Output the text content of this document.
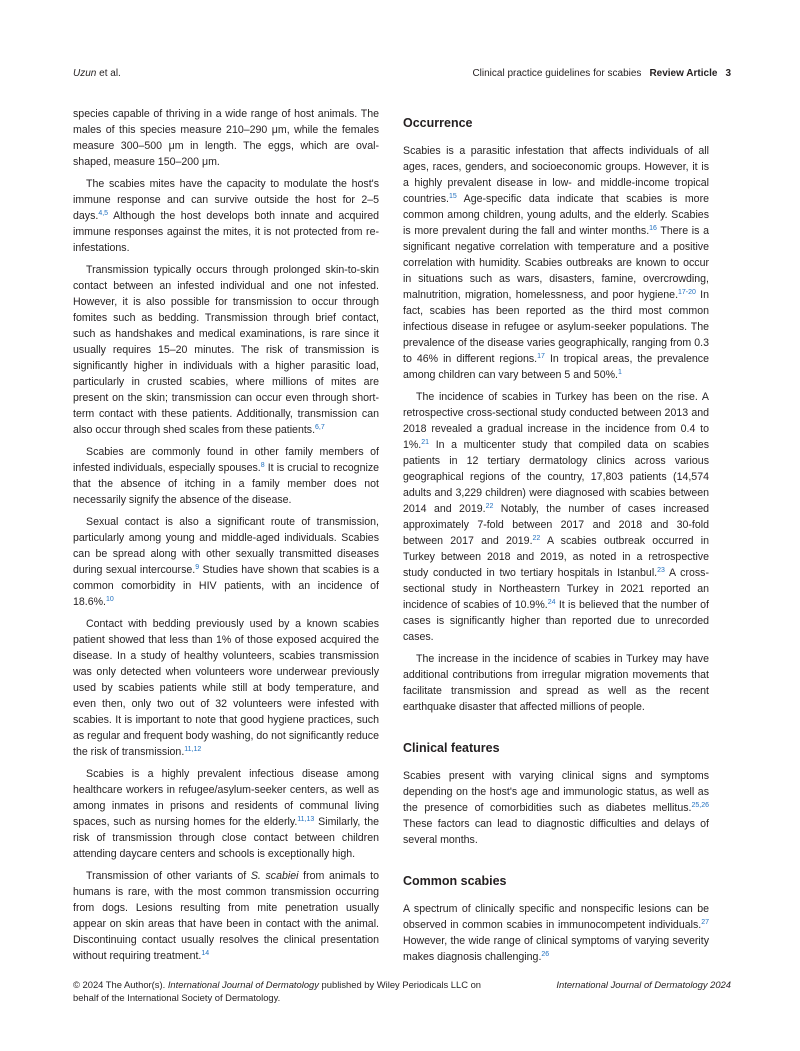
Uzun et al.	Clinical practice guidelines for scabies Review Article 3

species capable of thriving in a wide range of host animals. The males of this species measure 210–290 μm, while the females measure 300–500 μm in length. The eggs, which are oval-shaped, measure 150–200 μm.

The scabies mites have the capacity to modulate the host's immune response and can survive outside the host for 2–5 days.$^{4,5}$ Although the host develops both innate and acquired immune responses against the mites, it is not protected from re-infestations.

Transmission typically occurs through prolonged skin-to-skin contact between an infested individual and one not infested. However, it is also possible for transmission to occur through fomites such as bedding. Transmission through brief contact, such as handshakes and medical examinations, is rare since it usually requires 15–20 minutes. The risk of transmission is significantly higher in individuals with a higher parasitic load, particularly in crusted scabies, where millions of mites are present on the skin; transmission can occur even through short-term contact with these patients. Additionally, transmission can also occur through shed scales from these patients.$^{6,7}$

Scabies are commonly found in other family members of infested individuals, especially spouses.$^8$ It is crucial to recognize that the absence of itching in a family member does not necessarily signify the absence of the disease.

Sexual contact is also a significant route of transmission, particularly among young and middle-aged individuals. Scabies can be spread along with other sexually transmitted diseases during sexual intercourse.$^9$ Studies have shown that scabies is a common comorbidity in HIV patients, with an incidence of 18.6%.$^{10}$

Contact with bedding previously used by a known scabies patient showed that less than 1% of those exposed acquired the disease. In a study of healthy volunteers, scabies transmission was only detected when volunteers wore underwear previously used by scabies patients while still at body temperature, and even then, only two out of 32 volunteers were infested with scabies. It is important to note that good hygiene practices, such as regular and frequent body washing, do not significantly reduce the risk of transmission.$^{11,12}$

Scabies is a highly prevalent infectious disease among healthcare workers in refugee/asylum-seeker centers, as well as among inmates in prisons and residents of communal living spaces, such as nursing homes for the elderly.$^{11,13}$ Similarly, the risk of transmission through close contact between children attending daycare centers and schools is exceptionally high.

Transmission of other variants of S. scabiei from animals to humans is rare, with the most common transmission occurring from dogs. Lesions resulting from mite penetration usually appear on skin areas that have been in contact with the animal. Discontinuing contact usually resolves the clinical presentation without requiring treatment.$^{14}$

Occurrence

Scabies is a parasitic infestation that affects individuals of all ages, races, genders, and socioeconomic groups. However, it is a highly prevalent disease in low- and middle-income tropical countries.$^{15}$ Age-specific data indicate that scabies is more common among children, young adults, and the elderly. Scabies is more prevalent during the fall and winter months.$^{16}$ There is a significant negative correlation with temperature and a positive correlation with humidity. Scabies outbreaks are known to occur in situations such as wars, disasters, famine, overcrowding, malnutrition, migration, homelessness, and poor hygiene.$^{17-20}$ In fact, scabies has been reported as the third most common infectious disease in refugee or asylum-seeker populations. The prevalence of the disease varies geographically, ranging from 0.3 to 46% in different regions.$^{17}$ In tropical areas, the prevalence among children can vary between 5 and 50%.$^1$

The incidence of scabies in Turkey has been on the rise. A retrospective cross-sectional study conducted between 2013 and 2018 revealed a gradual increase in the incidence from 0.4 to 1%.$^{21}$ In a multicenter study that compiled data on scabies patients in 12 tertiary dermatology clinics across various geographical regions of the country, 17,803 patients (14,574 adults and 3,229 children) were diagnosed with scabies between 2014 and 2019.22 Notably, the number of cases increased approximately 7-fold between 2017 and 2018 and 30-fold between 2017 and 2019.22 A scabies outbreak occurred in Turkey between 2018 and 2019, as noted in a retrospective study conducted in two tertiary hospitals in Istanbul.$^{23}$ A cross-sectional study in Northeastern Turkey in 2021 reported an incidence of scabies of 10.9%.$^{24}$ It is believed that the number of cases is significantly higher than reported due to unrecorded cases.

The increase in the incidence of scabies in Turkey may have additional contributions from irregular migration movements that facilitate transmission and spread as well as the recent earthquake disaster that affected millions of people.

Clinical features

Scabies present with varying clinical signs and symptoms depending on the host's age and immunologic status, as well as the presence of comorbidities such as diabetes mellitus.$^{25,26}$ These factors can lead to diagnostic difficulties and delays of several months.

Common scabies

A spectrum of clinically specific and nonspecific lesions can be observed in common scabies in immunocompetent individuals.$^{27}$ However, the wide range of clinical symptoms of varying severity makes diagnosis challenging.$^{26}$

© 2024 The Author(s). International Journal of Dermatology published by Wiley Periodicals LLC on behalf of the International Society of Dermatology.
International Journal of Dermatology 2024
